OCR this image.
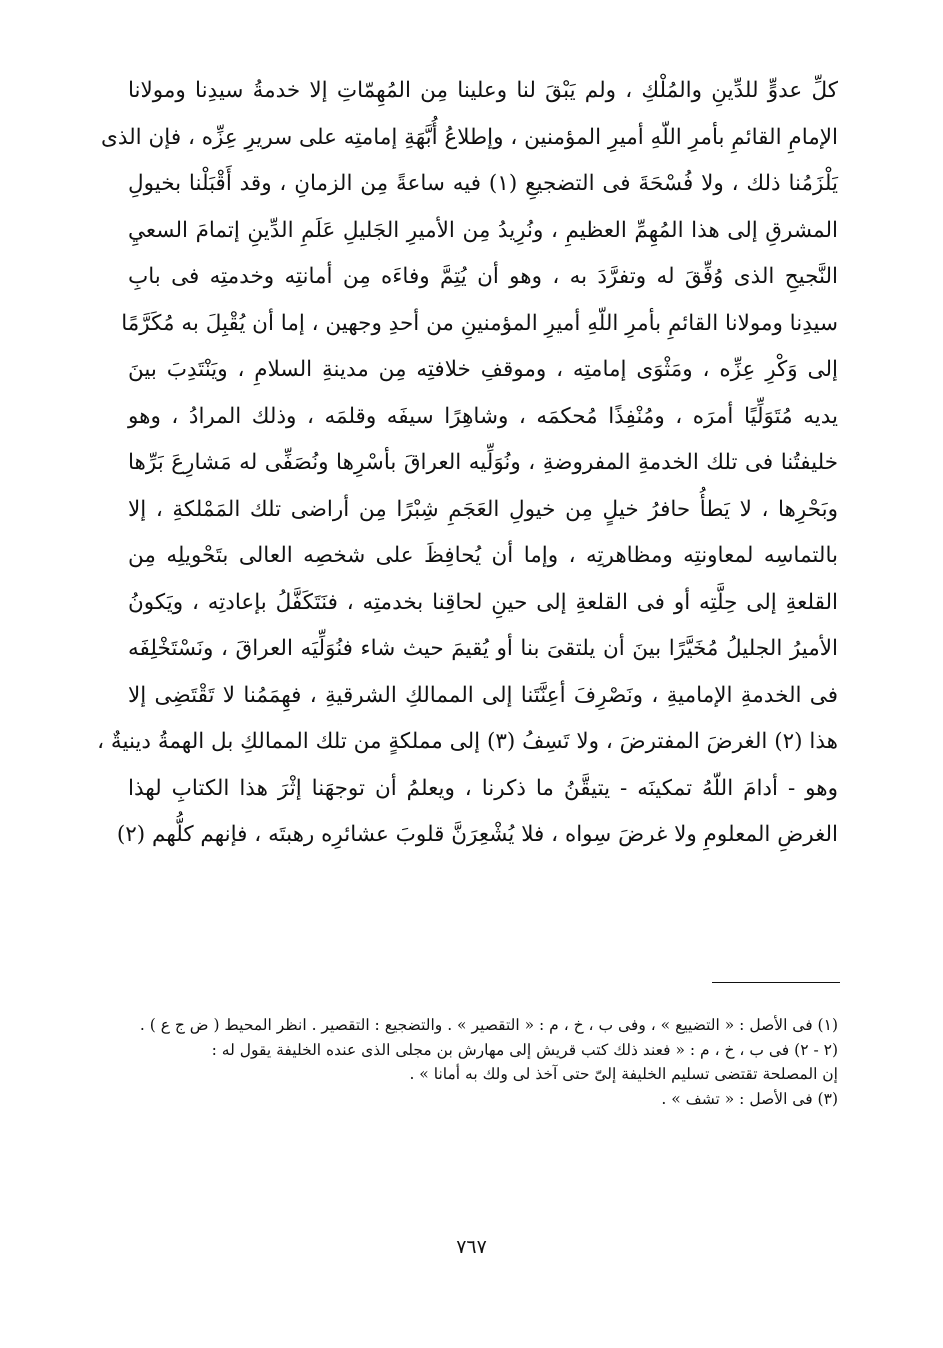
كلِّ عدوٍّ للدِّينِ والمُلْكِ ، ولم يَبْقَ لنا وعلينا مِن المُهِمّاتِ إلا خدمةُ سيدِنا ومولانا
الإمامِ القائمِ بأمرِ اللّهِ أميرِ المؤمنين ، وإطلاعُ أُبَّهَةِ إمامتِه على سريرِ عِزِّه ، فإن الذى
يَلْزَمُنا ذلك ، ولا فُسْحَةَ فى التضجيعِ (١) فيه ساعةً مِن الزمانِ ، وقد أَقْبَلْنا بخيولِ
المشرقِ إلى هذا المُهِمِّ العظيمِ ، ونُرِيدُ مِن الأميرِ الجَليلِ عَلَمِ الدِّينِ إتمامَ السعيِ
النَّجيحِ الذى وُفِّقَ له وتفرَّدَ به ، وهو أن يُتِمَّ وفاءَه مِن أمانتِه وخدمتِه فى بابِ
سيدِنا ومولانا القائمِ بأمرِ اللّهِ أميرِ المؤمنينِ من أحدِ وجهين ، إما أن يُقْبِلَ به مُكَرَّمًا
إلى وَكْرِ عِزِّه ، ومَثْوَى إمامتِه ، وموقفِ خلافتِه مِن مدينةِ السلامِ ، ويَنْتَدِبَ بينَ
يديه مُتَوَلِّيًا أمرَه ، ومُنْفِذًا مُحكمَه ، وشاهِرًا سيفَه وقلمَه ، وذلك المرادُ ، وهو
خليفتُنا فى تلك الخدمةِ المفروضةِ ، ونُوَلِّيه العراقَ بأسْرِها ونُصَفِّى له مَشارِعَ بَرِّها
وبَحْرِها ، لا يَطأُ حافرُ خيلٍ مِن خيولِ العَجَمِ شِبْرًا مِن أراضى تلك المَمْلكةِ ، إلا
بالتماسِه لمعاونتِه ومظاهرتِه ، وإما أن يُحافِظَ على شخصِه العالى بتَحْويلِه مِن
القلعةِ إلى حِلَّتِه أو فى القلعةِ إلى حينِ لحاقِنا بخدمتِه ، فنَتَكَفَّلُ بإعادتِه ، ويَكونُ
الأميرُ الجليلُ مُخَيَّرًا بينَ أن يلتقىَ بنا أو يُقيمَ حيث شاء فنُوَلِّيَه العراقَ ، ونَسْتَخْلِفَه
فى الخدمةِ الإماميةِ ، ونَصْرِفَ أعِنَّتَنا إلى الممالكِ الشرقيةِ ، فهِمَمُنا لا تَقْتَضِى إلا
هذا (٢) الغرضَ المفترضَ ، ولا تَسِفُ (٣) إلى مملكةٍ من تلك الممالكِ بل الهمةُ دينيةٌ ،
وهو - أدامَ اللّهُ تمكينَه - يتيقَّنُ ما ذكرنا ، ويعلمُ أن توجهَنا إثْرَ هذا الكتابِ لهذا
الغرضِ المعلومِ ولا غرضَ سِواه ، فلا يُشْعِرَنَّ قلوبَ عشائرِه رهبتَه ، فإنهم كلُّهم (٢)
(١) فى الأصل : « التضييع » ، وفى ب ، خ ، م : « التقصير » . والتضجيع : التقصير . انظر المحيط ( ض ج ع ) .
(٢ - ٢) فى ب ، خ ، م : « فعند ذلك كتب قريش إلى مهارش بن مجلى الذى عنده الخليفة يقول له :
إن المصلحة تقتضى تسليم الخليفة إلىّ حتى آخذ لى ولك به أمانا » .
(٣) فى الأصل : « تشف » .
٧٦٧
